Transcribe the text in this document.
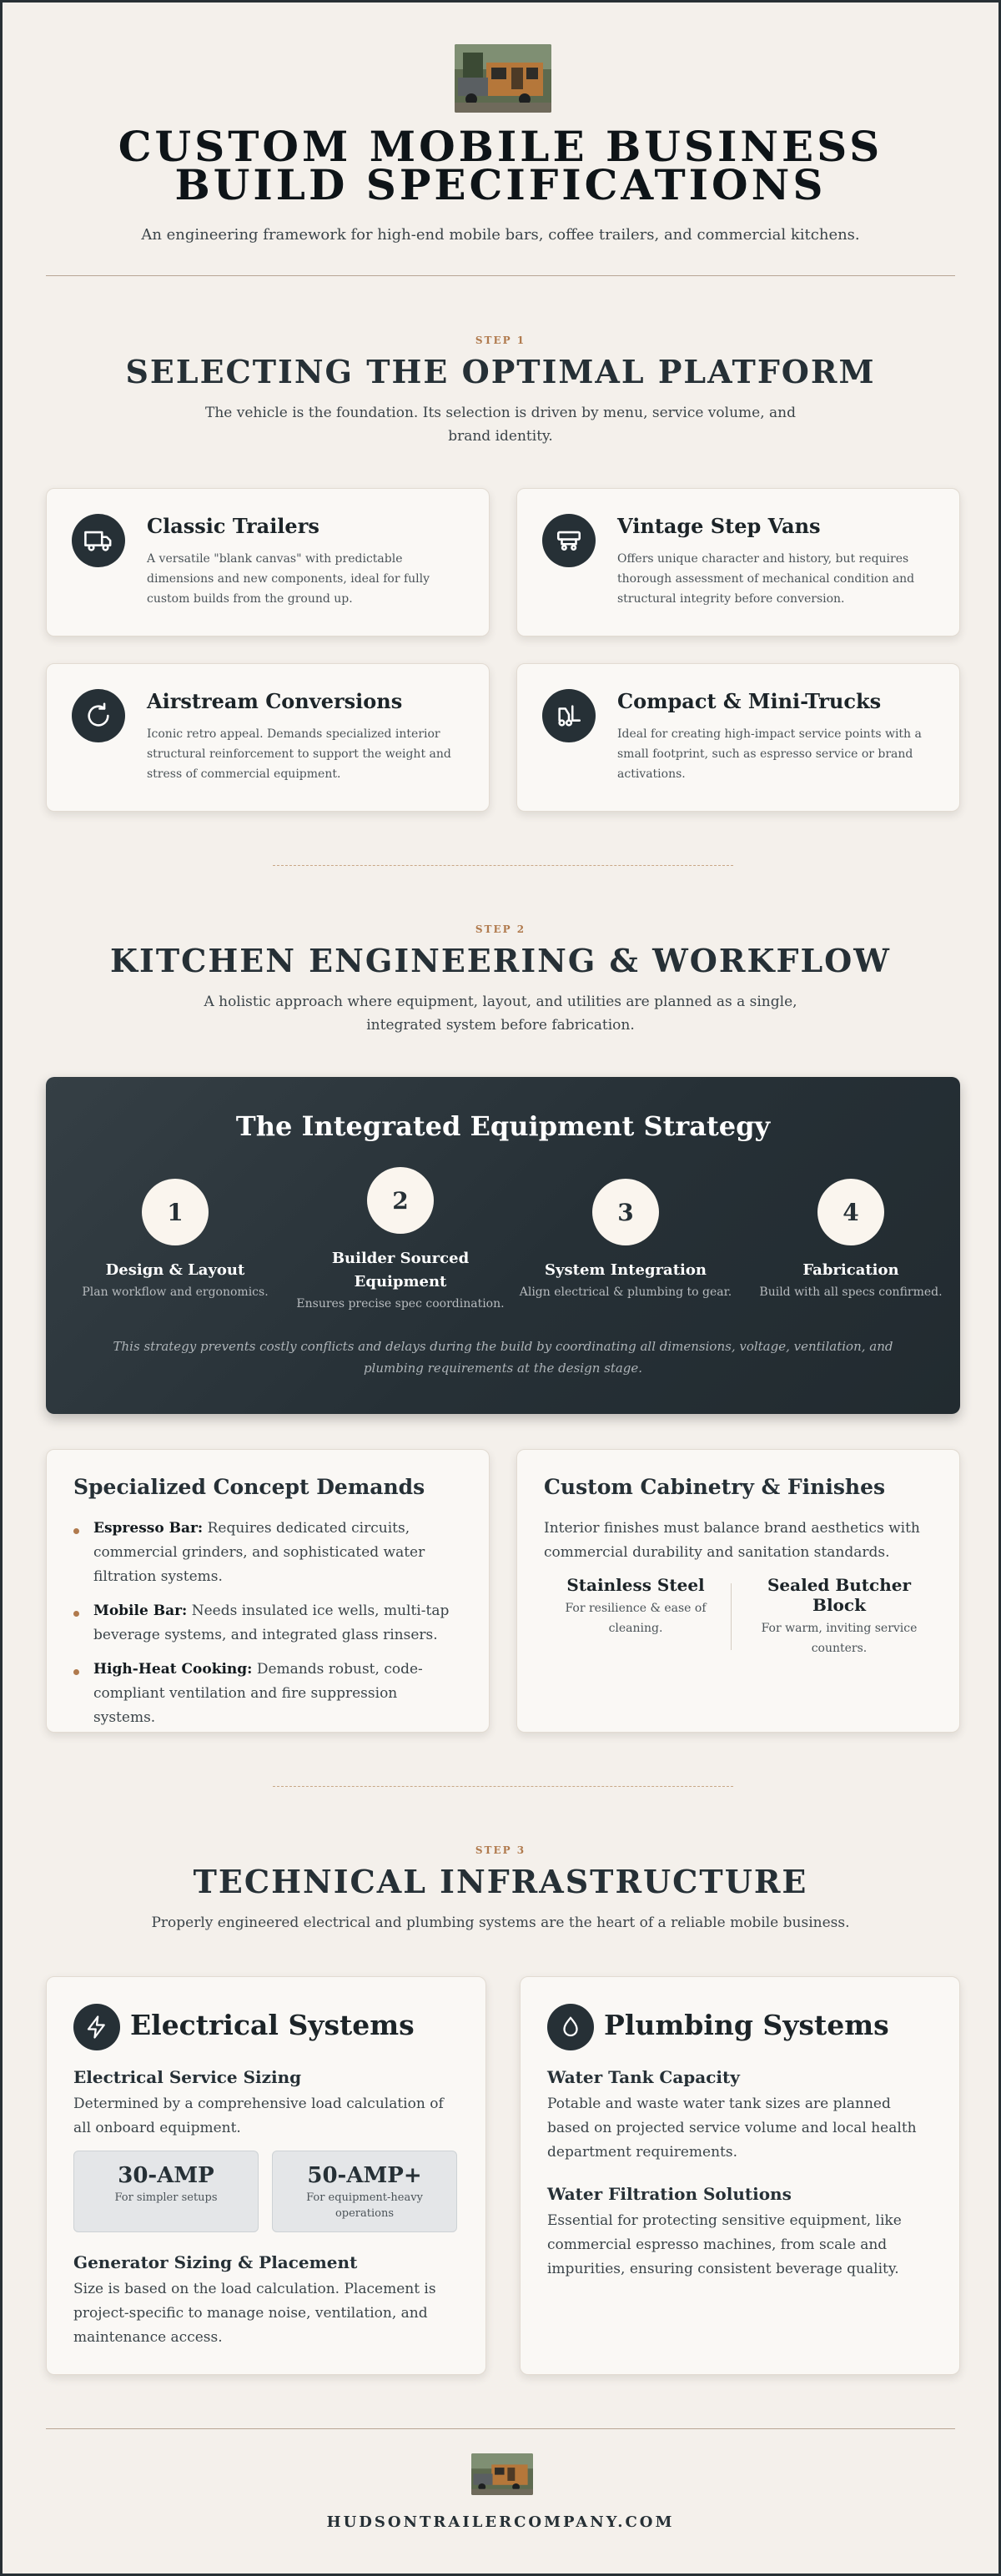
CUSTOM MOBILE BUSINESS BUILD SPECIFICATIONS
An engineering framework for high-end mobile bars, coffee trailers, and commercial kitchens.
STEP 1
SELECTING THE OPTIMAL PLATFORM
The vehicle is the foundation. Its selection is driven by menu, service volume, and brand identity.
Classic Trailers
A versatile "blank canvas" with predictable dimensions and new components, ideal for fully custom builds from the ground up.
Vintage Step Vans
Offers unique character and history, but requires thorough assessment of mechanical condition and structural integrity before conversion.
Airstream Conversions
Iconic retro appeal. Demands specialized interior structural reinforcement to support the weight and stress of commercial equipment.
Compact & Mini-Trucks
Ideal for creating high-impact service points with a small footprint, such as espresso service or brand activations.
STEP 2
KITCHEN ENGINEERING & WORKFLOW
A holistic approach where equipment, layout, and utilities are planned as a single, integrated system before fabrication.
The Integrated Equipment Strategy
1
Design & Layout
Plan workflow and ergonomics.
2
Builder Sourced Equipment
Ensures precise spec coordination.
3
System Integration
Align electrical & plumbing to gear.
4
Fabrication
Build with all specs confirmed.
This strategy prevents costly conflicts and delays during the build by coordinating all dimensions, voltage, ventilation, and plumbing requirements at the design stage.
Specialized Concept Demands
Espresso Bar: Requires dedicated circuits, commercial grinders, and sophisticated water filtration systems.
Mobile Bar: Needs insulated ice wells, multi-tap beverage systems, and integrated glass rinsers.
High-Heat Cooking: Demands robust, code-compliant ventilation and fire suppression systems.
Custom Cabinetry & Finishes
Interior finishes must balance brand aesthetics with commercial durability and sanitation standards.
Stainless Steel
For resilience & ease of cleaning.
Sealed Butcher Block
For warm, inviting service counters.
STEP 3
TECHNICAL INFRASTRUCTURE
Properly engineered electrical and plumbing systems are the heart of a reliable mobile business.
Electrical Systems
Electrical Service Sizing
Determined by a comprehensive load calculation of all onboard equipment.
30-AMP
For simpler setups
50-AMP+
For equipment-heavy operations
Generator Sizing & Placement
Size is based on the load calculation. Placement is project-specific to manage noise, ventilation, and maintenance access.
Plumbing Systems
Water Tank Capacity
Potable and waste water tank sizes are planned based on projected service volume and local health department requirements.
Water Filtration Solutions
Essential for protecting sensitive equipment, like commercial espresso machines, from scale and impurities, ensuring consistent beverage quality.
HUDSONTRAILERCOMPANY.COM
